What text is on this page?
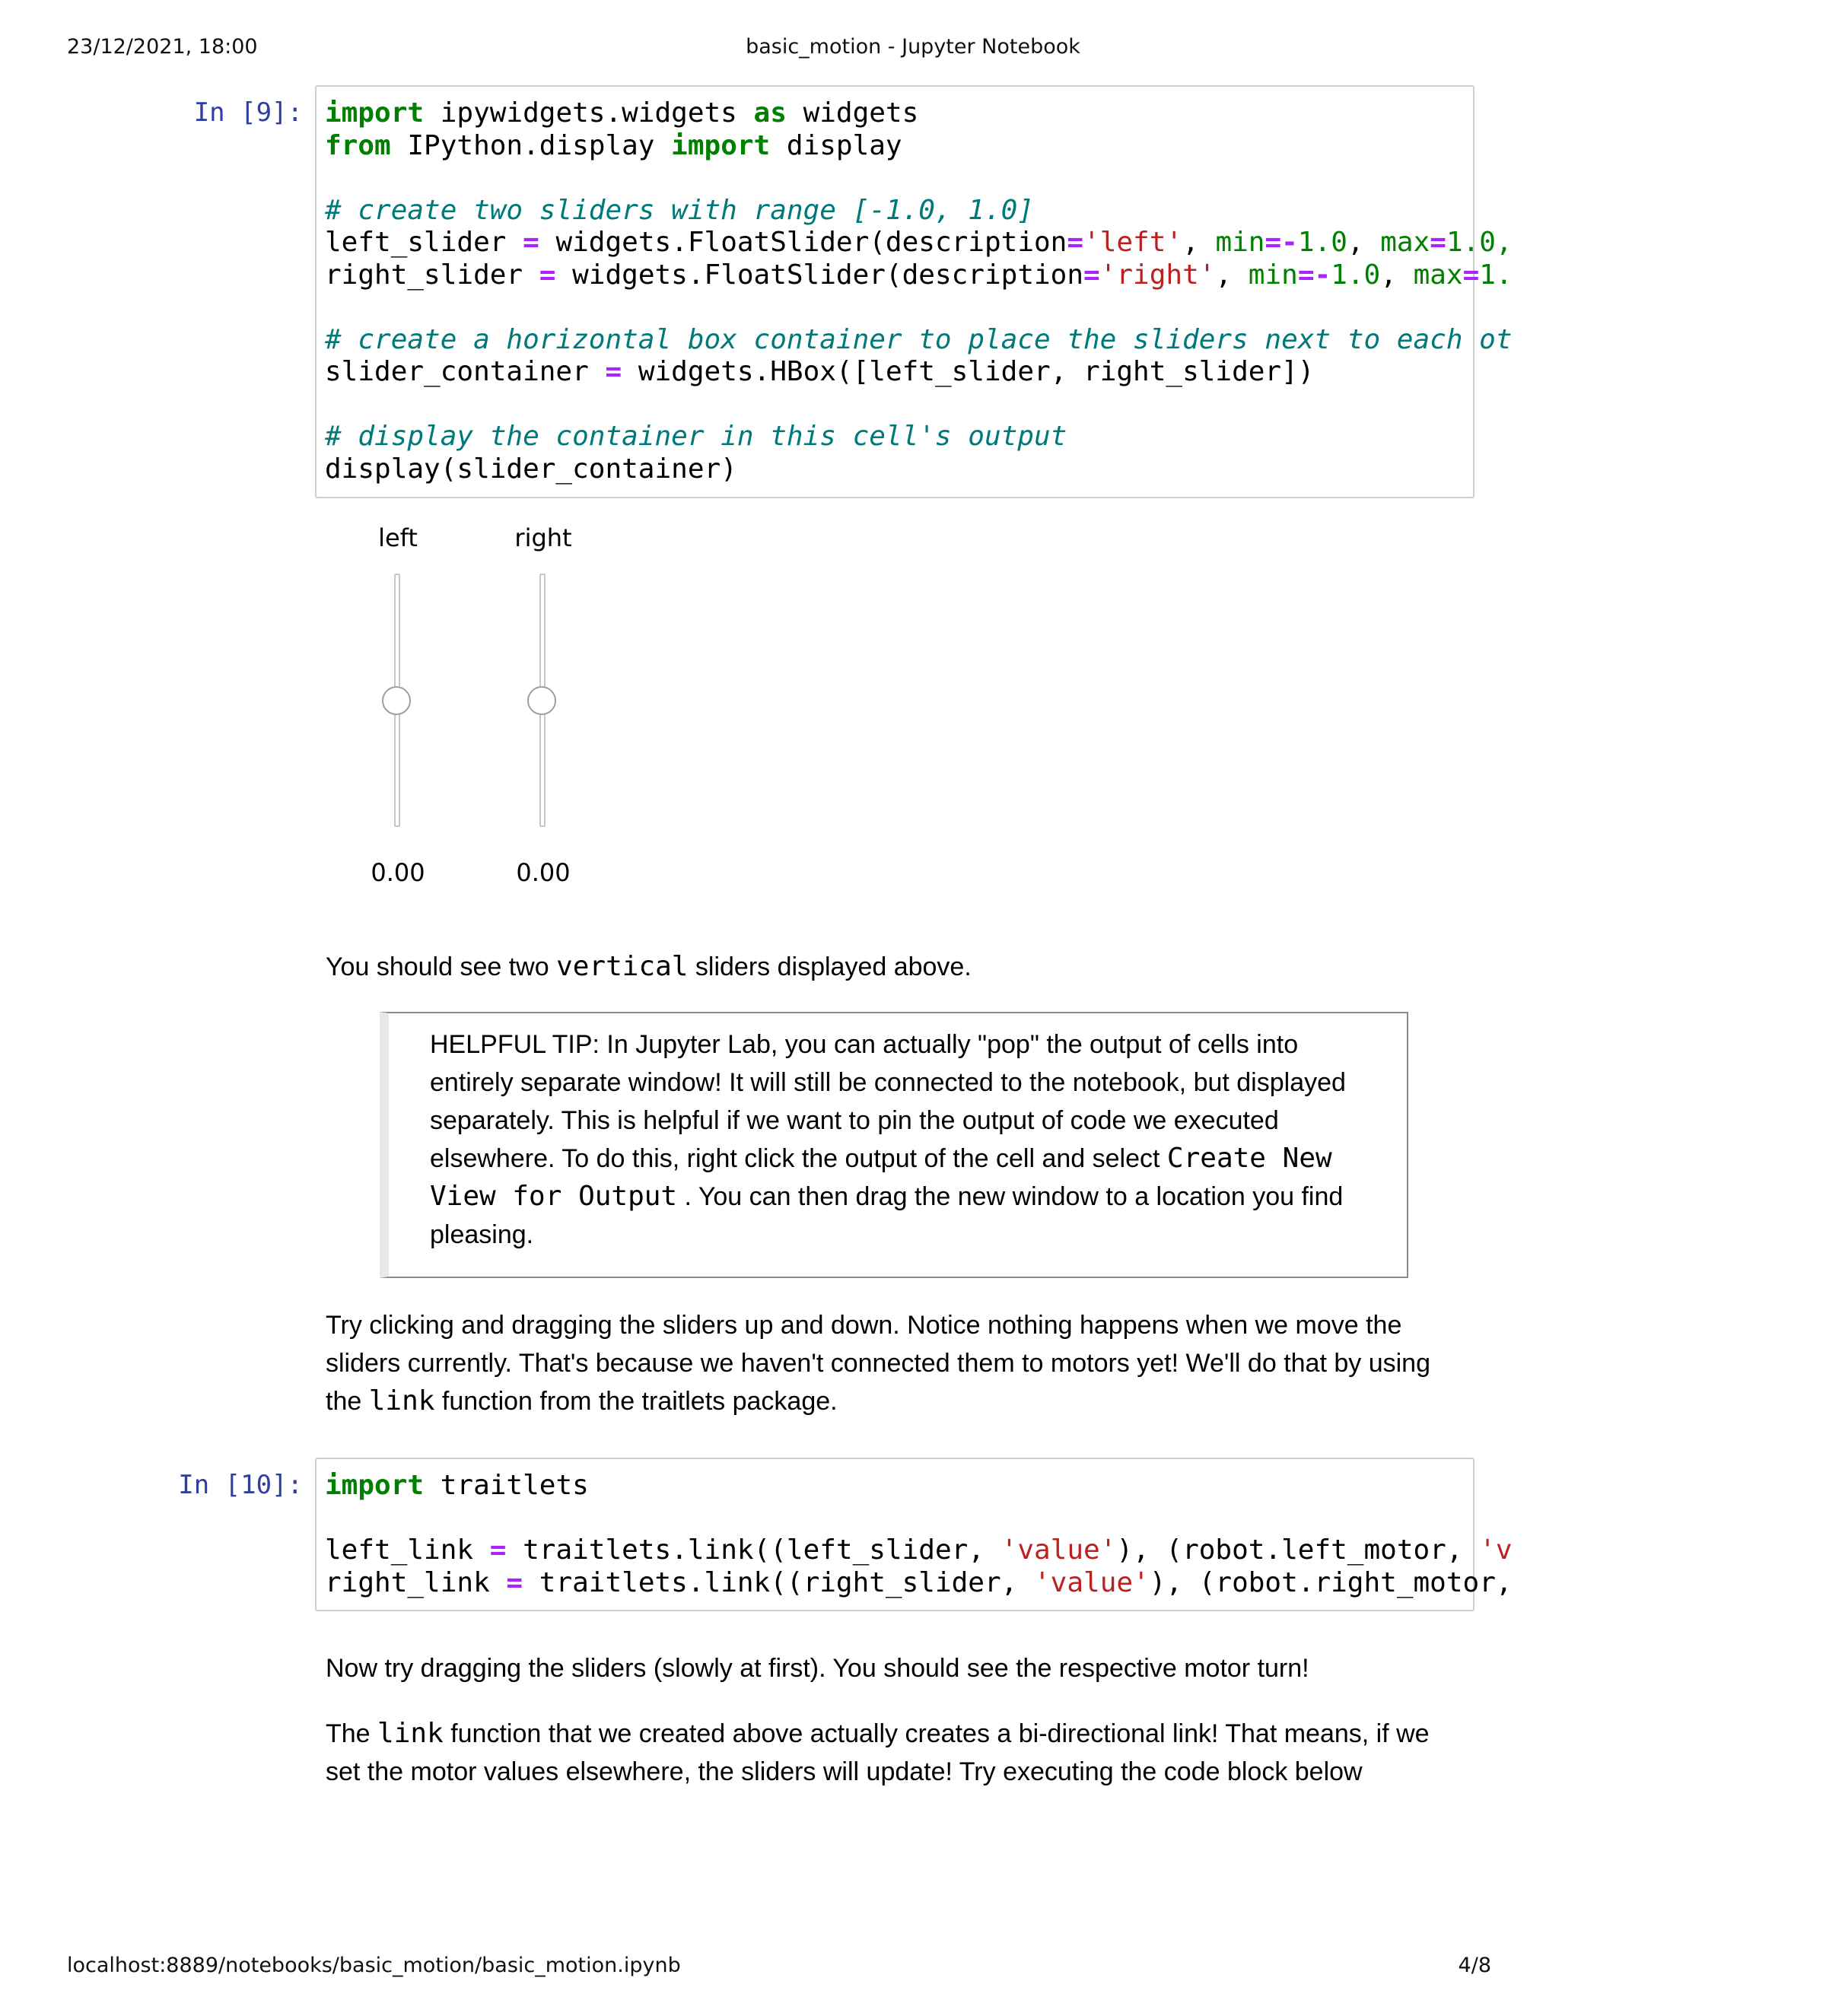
23/12/2021, 18:00	basic_motion - Jupyter Notebook
In [9]: import ipywidgets.widgets as widgets
from IPython.display import display

# create two sliders with range [-1.0, 1.0]
left_slider = widgets.FloatSlider(description='left', min=-1.0, max=1.0,
right_slider = widgets.FloatSlider(description='right', min=-1.0, max=1.

# create a horizontal box container to place the sliders next to each ot
slider_container = widgets.HBox([left_slider, right_slider])

# display the container in this cell's output
display(slider_container)
left
0.00
right
0.00
You should see two vertical sliders displayed above.
HELPFUL TIP: In Jupyter Lab, you can actually "pop" the output of cells into entirely separate window! It will still be connected to the notebook, but displayed separately. This is helpful if we want to pin the output of code we executed elsewhere. To do this, right click the output of the cell and select Create New View for Output . You can then drag the new window to a location you find pleasing.
Try clicking and dragging the sliders up and down. Notice nothing happens when we move the sliders currently. That's because we haven't connected them to motors yet! We'll do that by using the link function from the traitlets package.
In [10]: import traitlets

left_link = traitlets.link((left_slider, 'value'), (robot.left_motor, 'v
right_link = traitlets.link((right_slider, 'value'), (robot.right_motor,
Now try dragging the sliders (slowly at first). You should see the respective motor turn!
The link function that we created above actually creates a bi-directional link! That means, if we set the motor values elsewhere, the sliders will update! Try executing the code block below
localhost:8889/notebooks/basic_motion/basic_motion.ipynb	4/8
